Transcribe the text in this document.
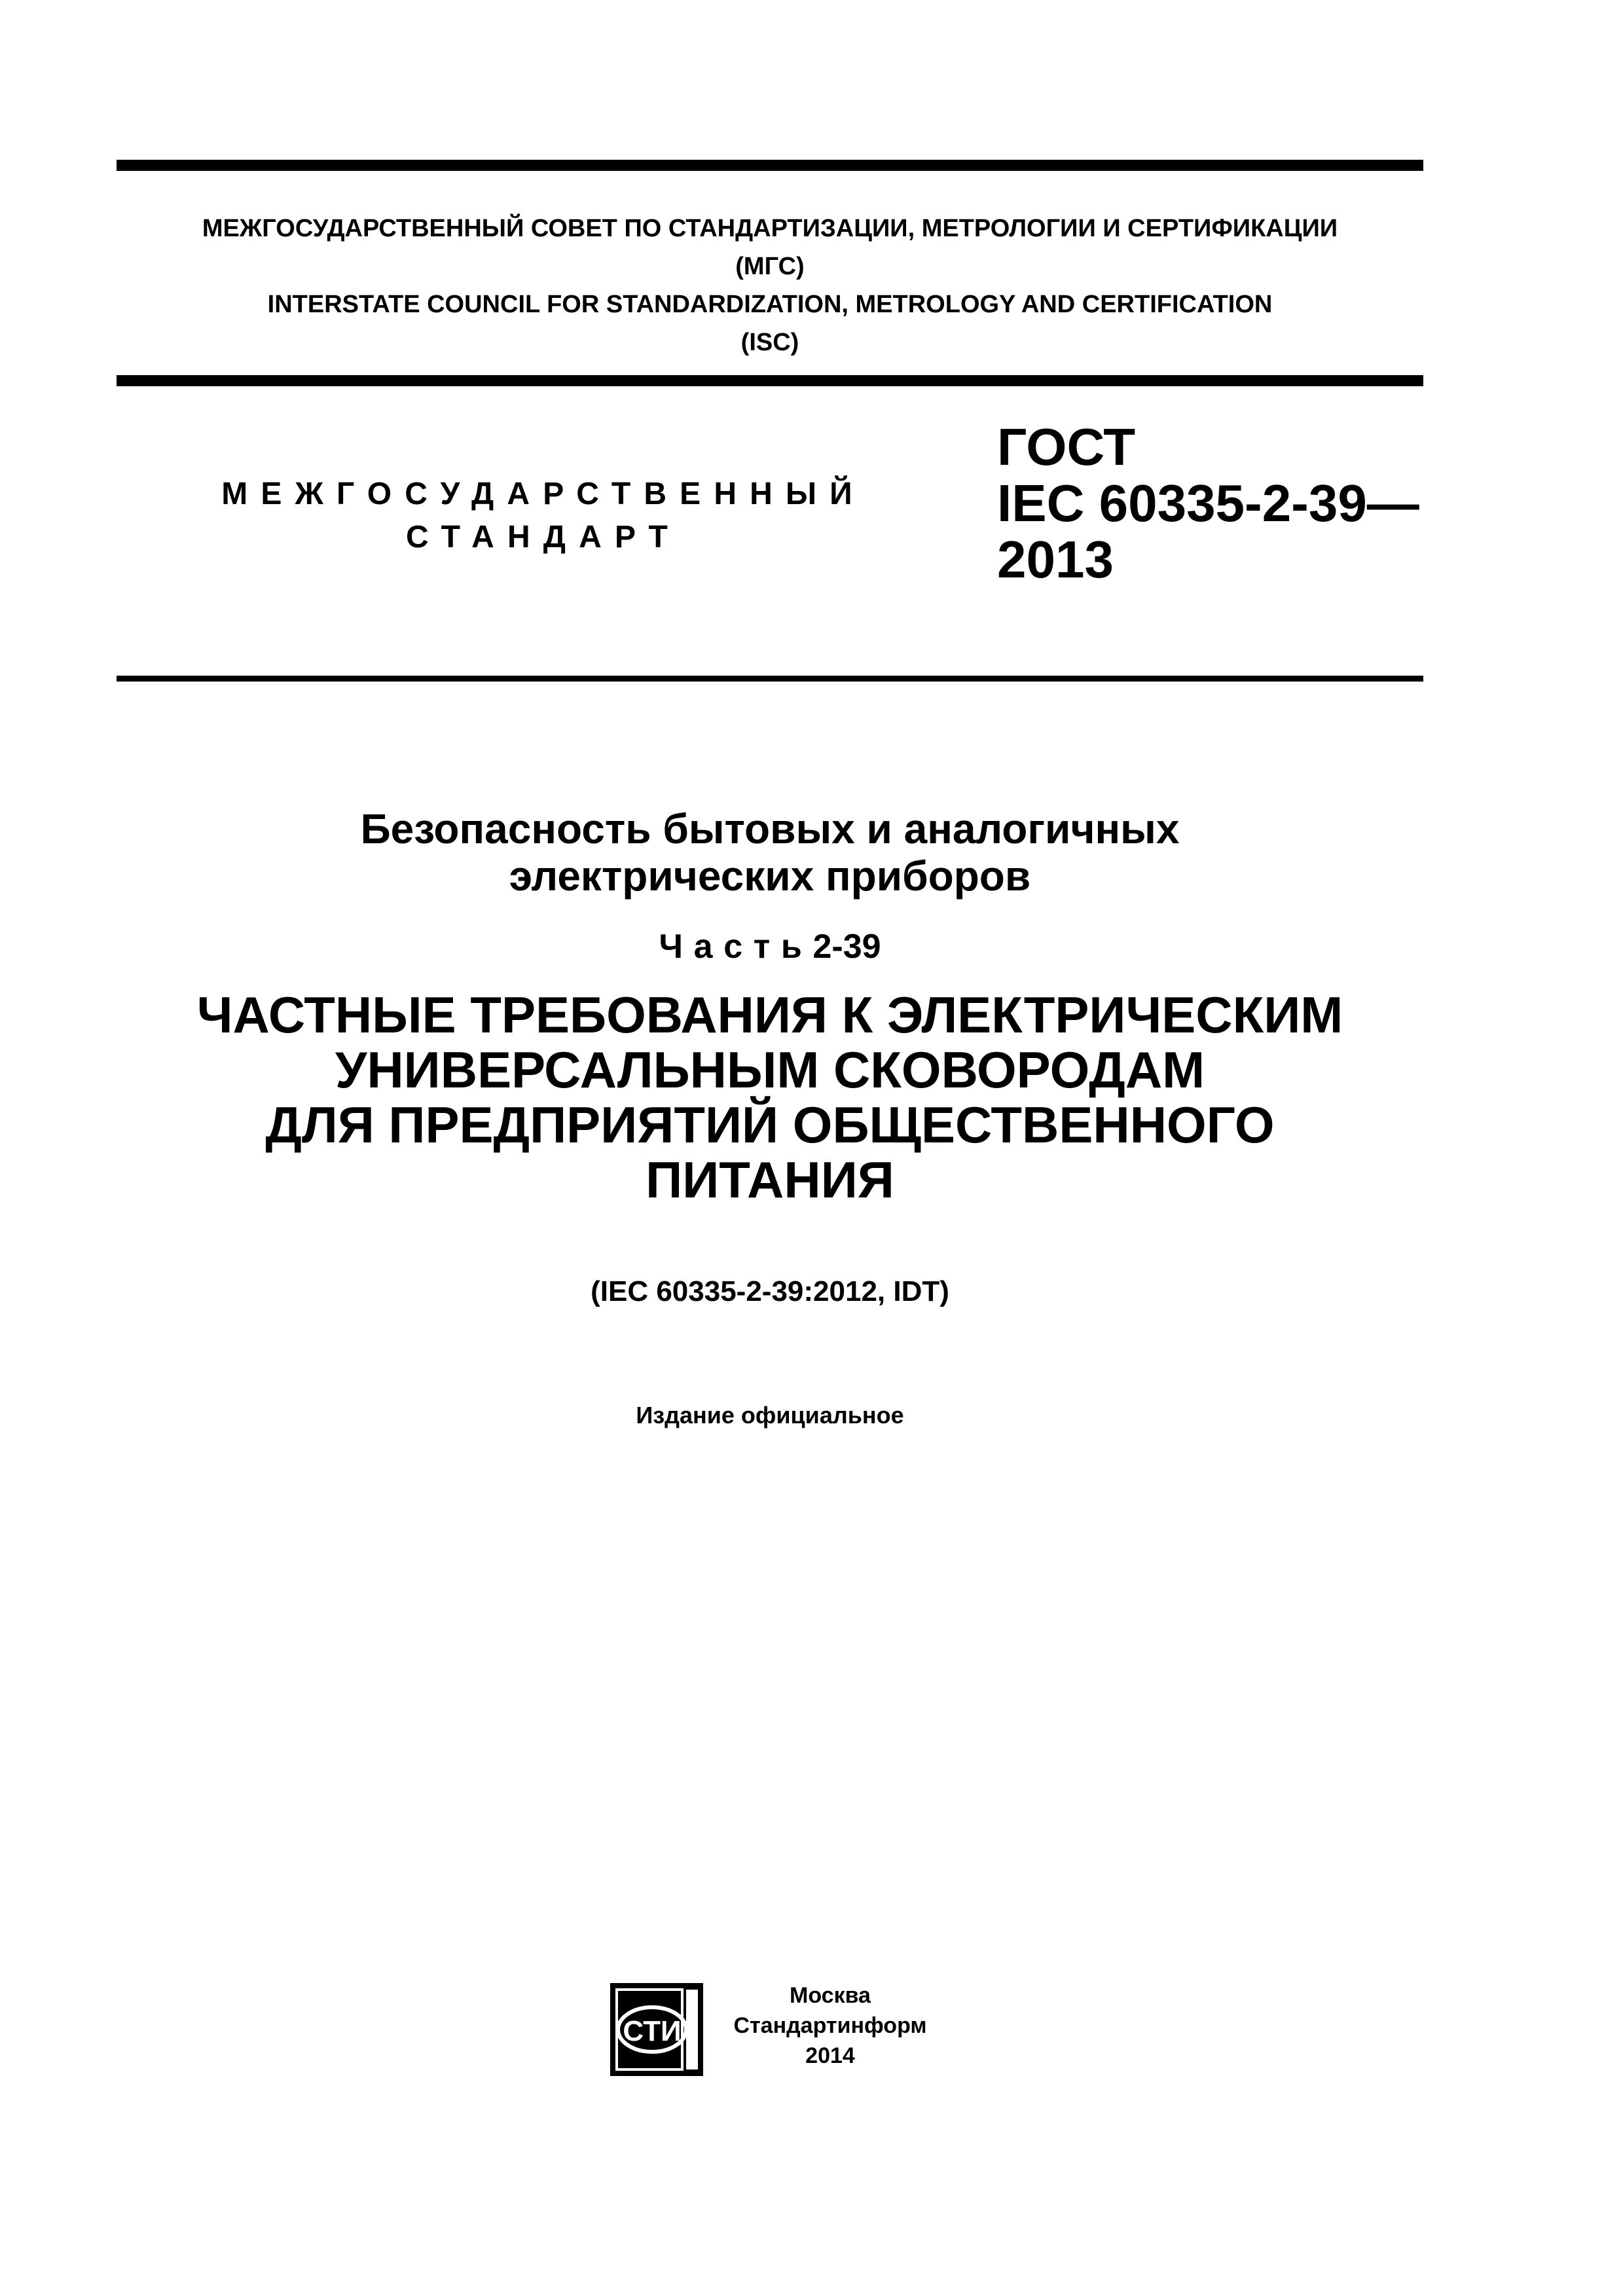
МЕЖГОСУДАРСТВЕННЫЙ СОВЕТ ПО СТАНДАРТИЗАЦИИ, МЕТРОЛОГИИ И СЕРТИФИКАЦИИ
(МГС)
INTERSTATE COUNCIL FOR STANDARDIZATION, METROLOGY AND CERTIFICATION
(ISC)
МЕЖГОСУДАРСТВЕННЫЙ
СТАНДАРТ
ГОСТ
IEC 60335-2-39—
2013
Безопасность бытовых и аналогичных
электрических приборов
Часть2-39
ЧАСТНЫЕ ТРЕБОВАНИЯ К ЭЛЕКТРИЧЕСКИМ
УНИВЕРСАЛЬНЫМ СКОВОРОДАМ
ДЛЯ ПРЕДПРИЯТИЙ ОБЩЕСТВЕННОГО
ПИТАНИЯ
(IEC 60335-2-39:2012, IDT)
Издание официальное
СТИ
Москва
Стандартинформ
2014
